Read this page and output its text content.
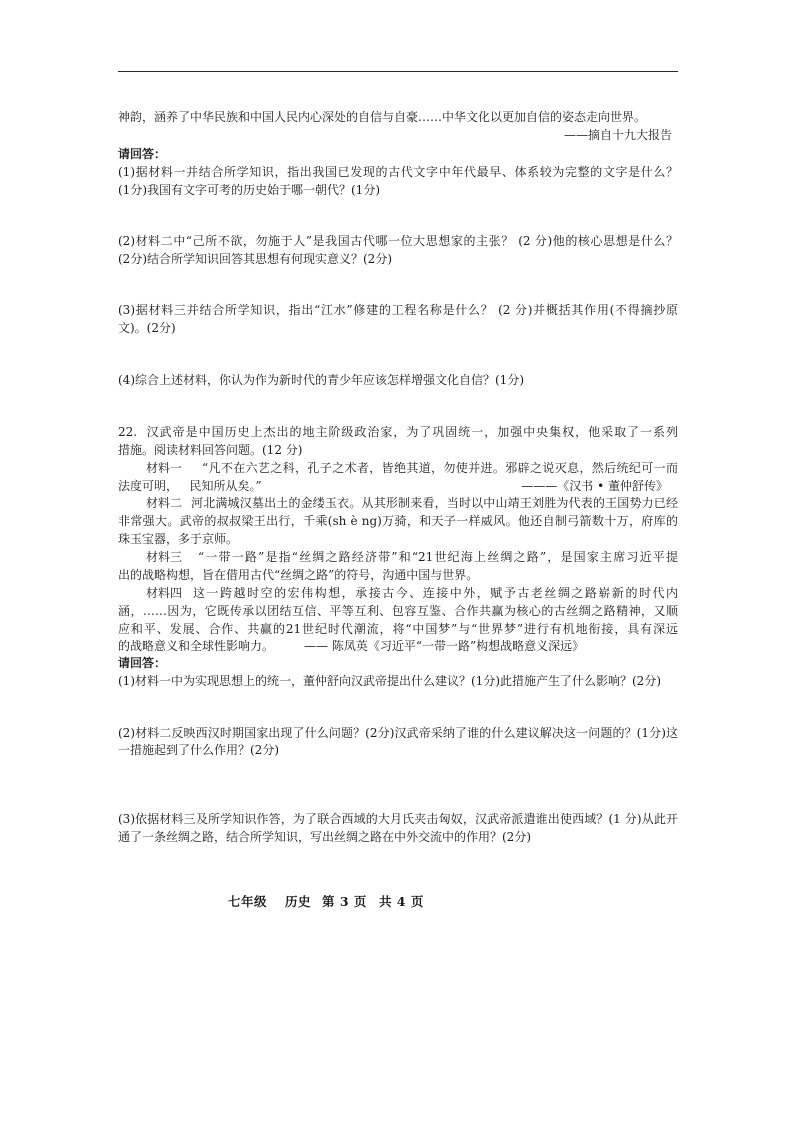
神韵，涵养了中华民族和中国人民内心深处的自信与自豪……中华文化以更加自信的姿态走向世界。
——摘自十九大报告
请回答：
(1)据材料一并结合所学知识，指出我国已发现的古代文字中年代最早、体系较为完整的文字是什么？
(1分)我国有文字可考的历史始于哪一朝代？(1分)
(2)材料二中“己所不欲，勿施于人”是我国古代哪一位大思想家的主张？ (2 分)他的核心思想是什么？
(2分)结合所学知识回答其思想有何现实意义？(2分)
(3)据材料三并结合所学知识，指出“江水”修建的工程名称是什么？ (2 分)并概括其作用(不得摘抄原
文)。(2分)
(4)综合上述材料，你认为作为新时代的青少年应该怎样增强文化自信？(1分)
22.  汉武帝是中国历史上杰出的地主阶级政治家，为了巩固统一，加强中央集权，他采取了一系列
措施。阅读材料回答问题。(12 分)
材料一 “凡不在六艺之科，孔子之术者，皆绝其道，勿使并进。邪辟之说灭息，然后统纪可一而
法度可明，   民知所从矣。”	———《汉书 • 董仲舒传》
材料二 河北满城汉墓出土的金缕玉衣。从其形制来看，当时以中山靖王刘胜为代表的王国势力已经
非常强大。武帝的叔叔梁王出行，千乘(sh è ng)万骑，和天子一样威风。他还自制弓箭数十万，府库的
珠玉宝器，多于京师。
材料三 “一带一路”是指“丝绸之路经济带”和“21世纪海上丝绸之路”，是国家主席习近平提
出的战略构想，旨在借用古代“丝绸之路”的符号，沟通中国与世界。
材料四 这一跨越时空的宏伟构想，承接古今、连接中外，赋予古老丝绸之路崭新的时代内
涵，……因为，它既传承以团结互信、平等互利、包容互鉴、合作共赢为核心的古丝绸之路精神，又顺
应和平、发展、合作、共赢的21世纪时代潮流，将“中国梦”与“世界梦”进行有机地衔接，具有深远
的战略意义和全球性影响力。	—— 陈凤英《习近平“一带一路”构想战略意义深远》
请回答：
(1)材料一中为实现思想上的统一，董仲舒向汉武帝提出什么建议？(1分)此措施产生了什么影响？(2分)
(2)材料二反映西汉时期国家出现了什么问题？(2分)汉武帝采纳了谁的什么建议解决这一问题的？(1分)这
一措施起到了什么作用？(2分)
(3)依据材料三及所学知识作答，为了联合西域的大月氏夹击匈奴，汉武帝派遣谁出使西域？(1 分)从此开
通了一条丝绸之路，结合所学知识，写出丝绸之路在中外交流中的作用？(2分)
七年级 历史 第 3 页 共 4 页
